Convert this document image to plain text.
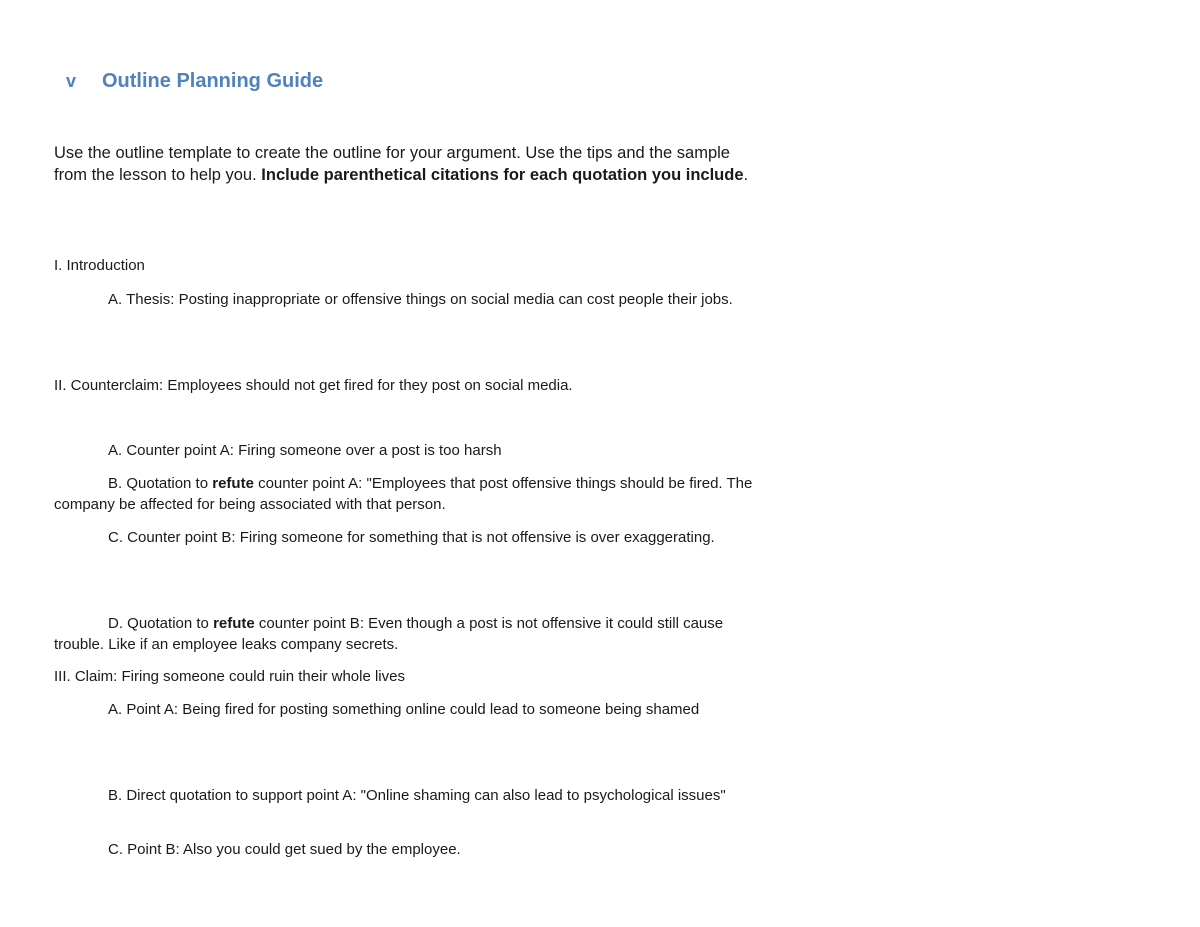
v Outline Planning Guide
Use the outline template to create the outline for your argument. Use the tips and the sample from the lesson to help you. Include parenthetical citations for each quotation you include.
I. Introduction
A. Thesis: Posting inappropriate or offensive things on social media can cost people their jobs.
II. Counterclaim: Employees should not get fired for they post on social media.
A. Counter point A: Firing someone over a post is too harsh
B. Quotation to refute counter point A: "Employees that post offensive things should be fired. The company be affected for being associated with that person.
C. Counter point B: Firing someone for something that is not offensive is over exaggerating.
D. Quotation to refute counter point B: Even though a post is not offensive it could still cause trouble. Like if an employee leaks company secrets.
III. Claim: Firing someone could ruin their whole lives
A. Point A: Being fired for posting something online could lead to someone being shamed
B. Direct quotation to support point A: "Online shaming can also lead to psychological issues"
C. Point B: Also you could get sued by the employee.
